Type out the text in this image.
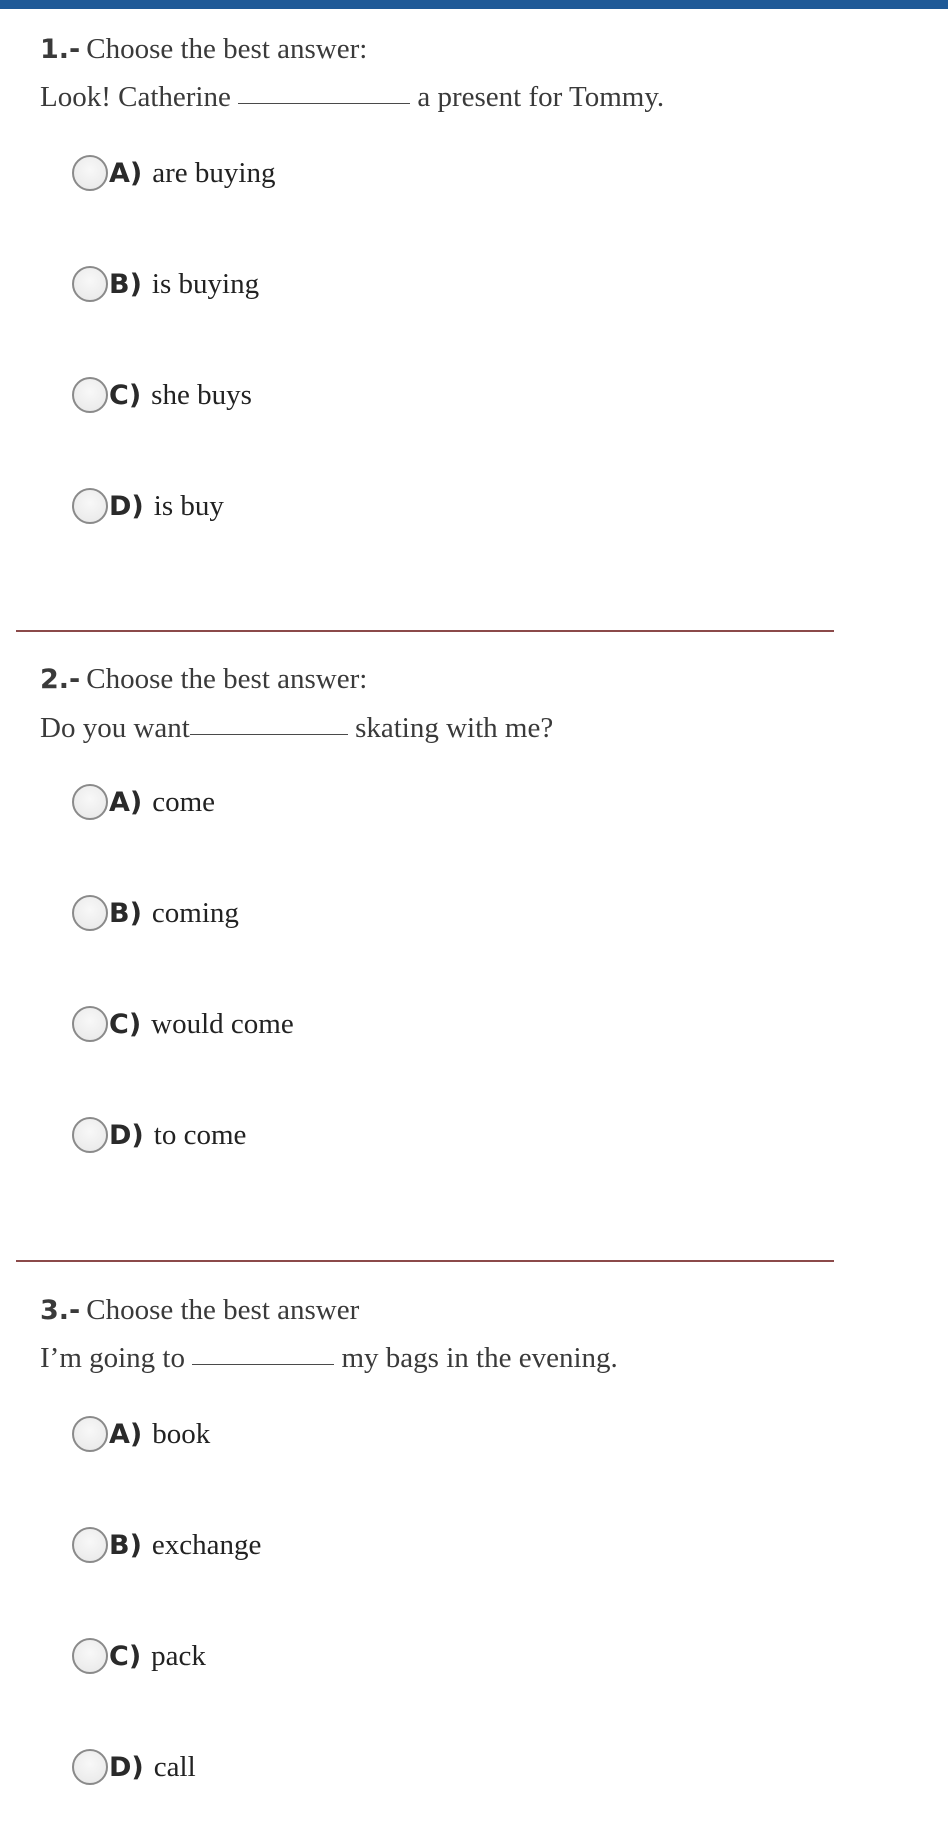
1.- Choose the best answer:
Look! Catherine	a present for Tommy.
A) are buying
B) is buying
C) she buys
D) is buy
2.- Choose the best answer:
Do you want	skating with me?
A) come
B) coming
C) would come
D) to come
3.- Choose the best answer
I’m going to	my bags in the evening.
A) book
B) exchange
C) pack
D) call
